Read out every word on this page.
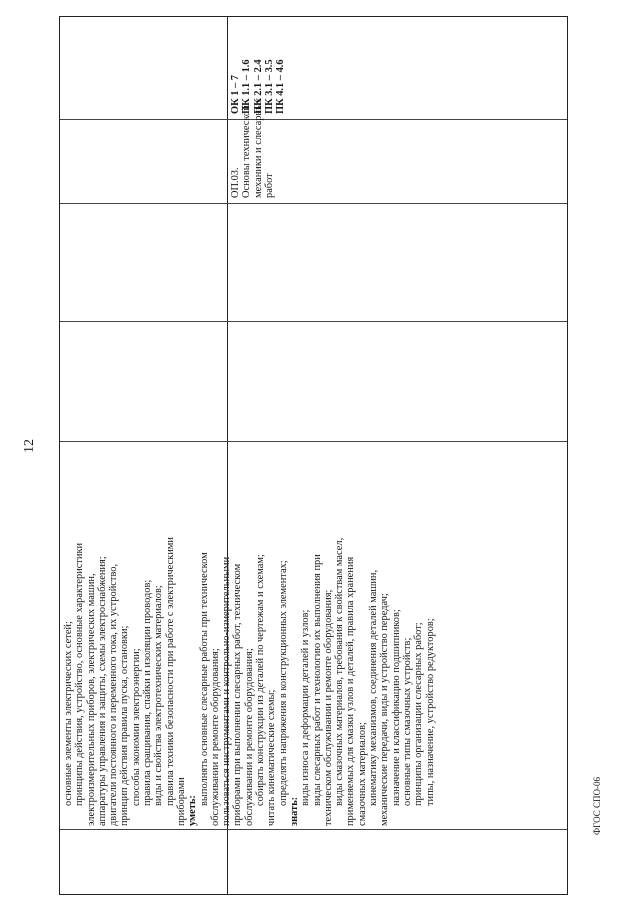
12
основные элементы электрических сетей; принципы действия, устройство, основные характеристики электроизмерительных приборов, электрических машин, аппаратуры управления и защиты, схемы электроснабжения; двигатели постоянного и переменного тока, их устройство, принцип действия правила пуска, остановки; способы экономии электроэнергии; правила сращивания, спайки и изоляции проводов; виды и свойства электротехнических материалов; правила техники безопасности при работе с электрическими приборами уметь:
выполнять основные слесарные работы при техническом обслуживании и ремонте оборудования; пользоваться инструментами и контрольно-измерительными приборами при выполнении слесарных работ, техническом обслуживании и ремонте оборудования; собирать конструкции из деталей по чертежам и схемам; читать кинематические схемы; определять напряжения в конструкционных элементах;
знать:
виды износа и деформации деталей и узлов; виды слесарных работ и технологию их выполнения при техническом обслуживании и ремонте оборудования; виды смазочных материалов, требования к свойствам масел, применяемых для смазки узлов и деталей, правила хранения смазочных материалов; кинематику механизмов, соединения деталей машин, механические передачи, виды и устройство передач; назначение и классификацию подшипников; основные типы смазочных устройств; принципы организации слесарных работ; типы, назначение, устройство редукторов;
ОП.03. Основы технической механики и слесарных работ
ОК 1 – 7 ПК 1.1 – 1.6 ПК 2.1 – 2.4 ПК 3.1 – 3.5 ПК 4.1 – 4.6
ФГОС СПО-06
